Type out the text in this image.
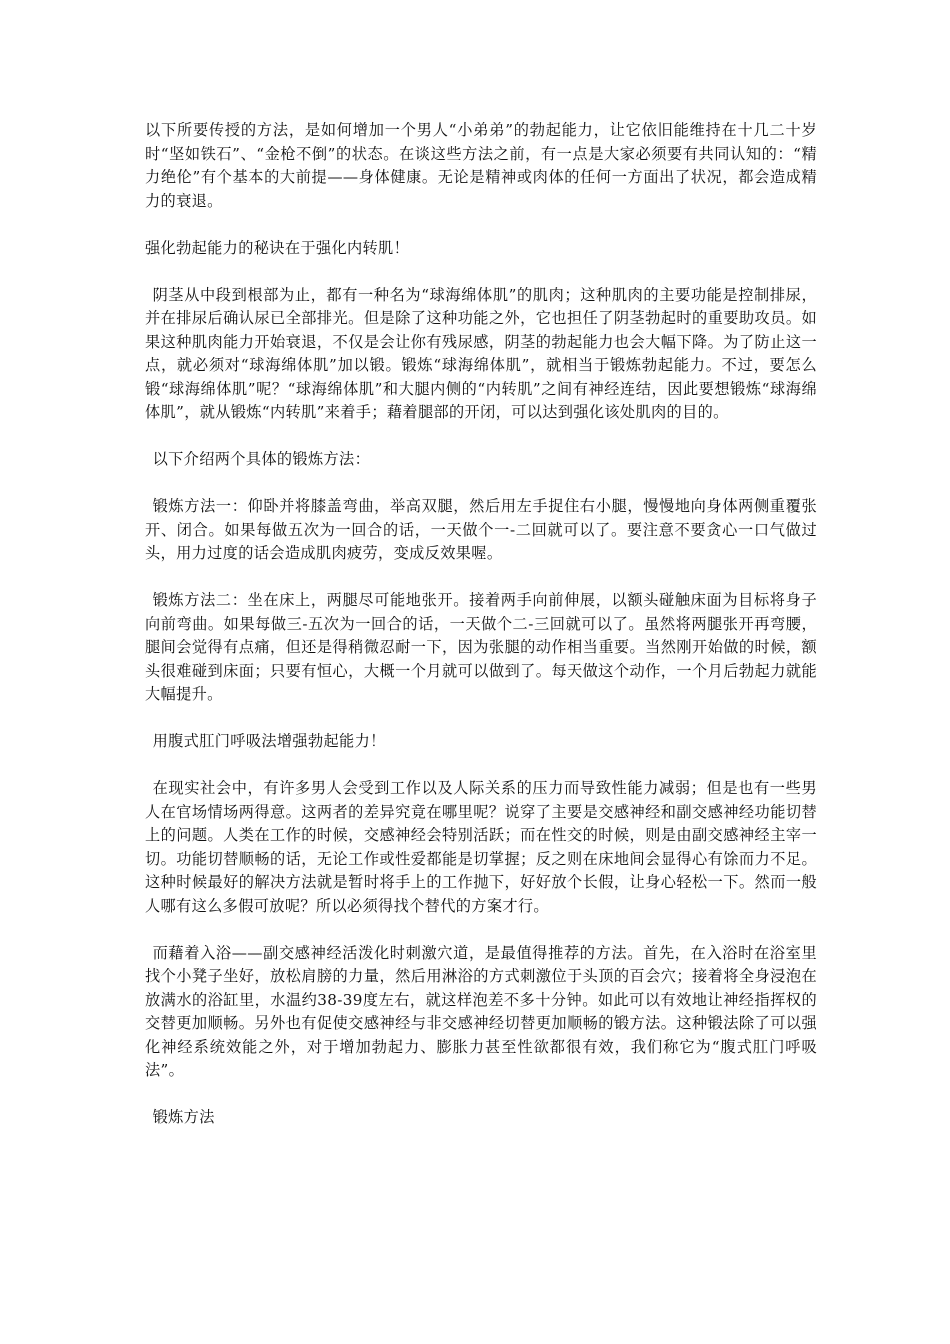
以下所要传授的方法，是如何增加一个男人“小弟弟”的勃起能力，让它依旧能维持在十几二十岁时“坚如铁石”、“金枪不倒”的状态。在谈这些方法之前，有一点是大家必须要有共同认知的：“精力绝伦”有个基本的大前提——身体健康。无论是精神或肉体的任何一方面出了状况，都会造成精力的衰退。

强化勃起能力的秘诀在于强化内转肌！

阴茎从中段到根部为止，都有一种名为“球海绵体肌”的肌肉；这种肌肉的主要功能是控制排尿，并在排尿后确认尿已全部排光。但是除了这种功能之外，它也担任了阴茎勃起时的重要助攻员。如果这种肌肉能力开始衰退，不仅是会让你有残尿感，阴茎的勃起能力也会大幅下降。为了防止这一点，就必须对“球海绵体肌”加以锻。锻炼“球海绵体肌”，就相当于锻炼勃起能力。不过，要怎么锻“球海绵体肌”呢？“球海绵体肌”和大腿内侧的“内转肌”之间有神经连结，因此要想锻炼“球海绵体肌”，就从锻炼“内转肌”来着手；藉着腿部的开闭，可以达到强化该处肌肉的目的。

以下介绍两个具体的锻炼方法：

锻炼方法一：仰卧并将膝盖弯曲，举高双腿，然后用左手捉住右小腿，慢慢地向身体两侧重覆张开、闭合。如果每做五次为一回合的话，一天做个一-二回就可以了。要注意不要贪心一口气做过头，用力过度的话会造成肌肉疲劳，变成反效果喔。

锻炼方法二：坐在床上，两腿尽可能地张开。接着两手向前伸展，以额头碰触床面为目标将身子向前弯曲。如果每做三-五次为一回合的话，一天做个二-三回就可以了。虽然将两腿张开再弯腰，腿间会觉得有点痛，但还是得稍微忍耐一下，因为张腿的动作相当重要。当然刚开始做的时候，额头很难碰到床面；只要有恒心，大概一个月就可以做到了。每天做这个动作，一个月后勃起力就能大幅提升。

用腹式肛门呼吸法增强勃起能力！

在现实社会中，有许多男人会受到工作以及人际关系的压力而导致性能力减弱；但是也有一些男人在官场情场两得意。这两者的差异究竟在哪里呢？说穿了主要是交感神经和副交感神经功能切替上的问题。人类在工作的时候，交感神经会特别活跃；而在性交的时候，则是由副交感神经主宰一切。功能切替顺畅的话，无论工作或性爱都能是切掌握；反之则在床地间会显得心有馀而力不足。这种时候最好的解决方法就是暂时将手上的工作抛下，好好放个长假，让身心轻松一下。然而一般人哪有这么多假可放呢？所以必须得找个替代的方案才行。

而藉着入浴——副交感神经活泼化时刺激穴道，是最值得推荐的方法。首先，在入浴时在浴室里找个小凳子坐好，放松肩膀的力量，然后用淋浴的方式刺激位于头顶的百会穴；接着将全身浸泡在放满水的浴缸里，水温约38-39度左右，就这样泡差不多十分钟。如此可以有效地让神经指挥权的交替更加顺畅。另外也有促使交感神经与非交感神经切替更加顺畅的锻方法。这种锻法除了可以强化神经系统效能之外，对于增加勃起力、膨胀力甚至性欲都很有效，我们称它为“腹式肛门呼吸法”。

锻炼方法
